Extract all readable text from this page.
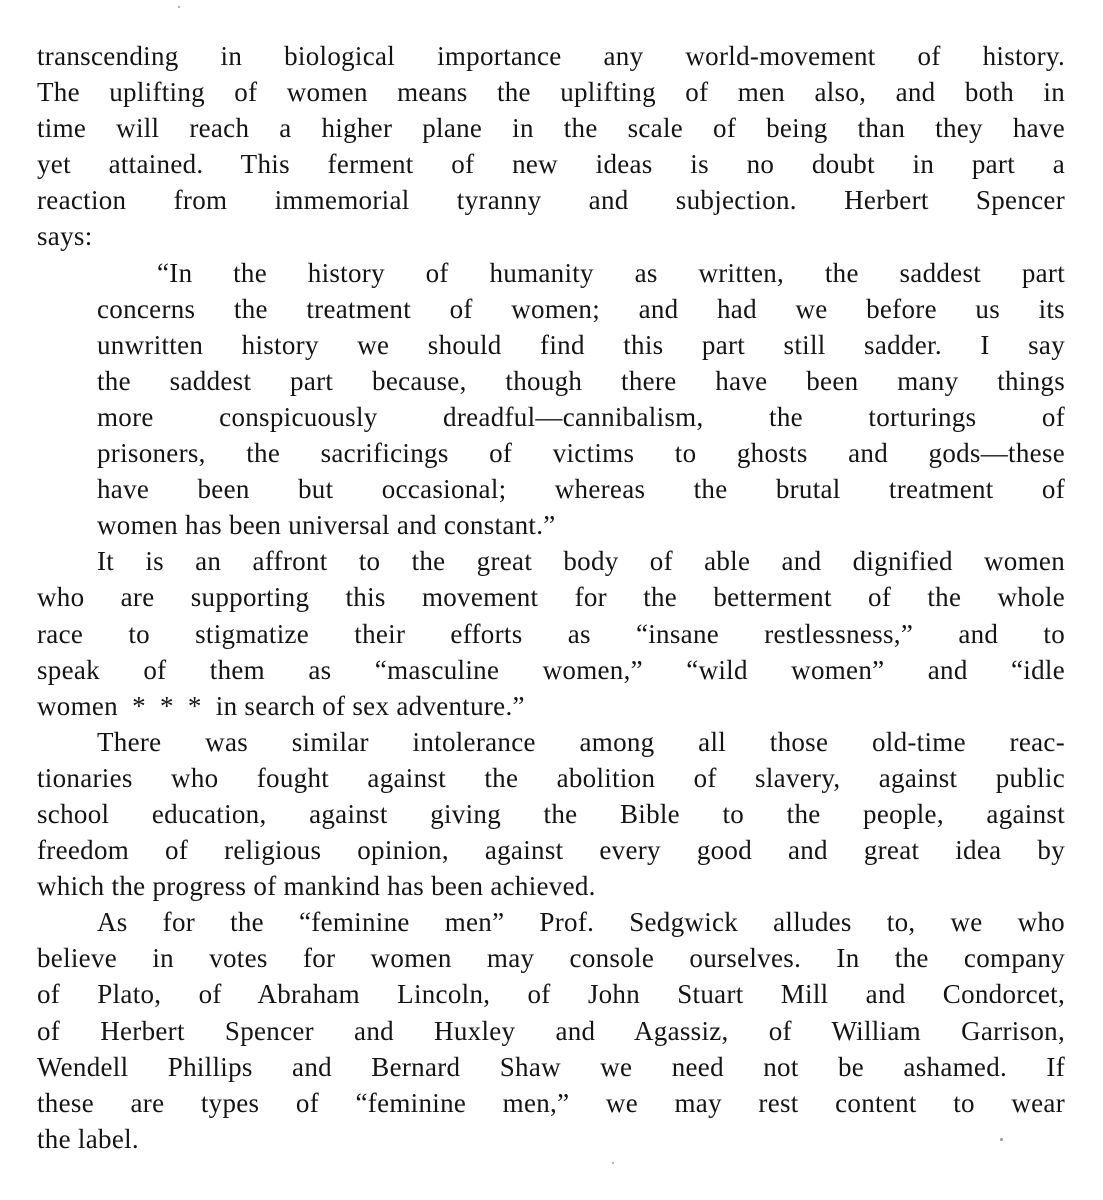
transcending in biological importance any world-movement of history.
The uplifting of women means the uplifting of men also, and both in
time will reach a higher plane in the scale of being than they have
yet attained. This ferment of new ideas is no doubt in part a
reaction from immemorial tyranny and subjection. Herbert Spencer
says:
“In the history of humanity as written, the saddest part
concerns the treatment of women; and had we before us its
unwritten history we should find this part still sadder. I say
the saddest part because, though there have been many things
more conspicuously dreadful—cannibalism, the torturings of
prisoners, the sacrificings of victims to ghosts and gods—these
have been but occasional; whereas the brutal treatment of
women has been universal and constant.”
It is an affront to the great body of able and dignified women
who are supporting this movement for the betterment of the whole
race to stigmatize their efforts as “insane restlessness,” and to
speak of them as “masculine women,” “wild women” and “idle
women  *  *  *  in search of sex adventure.”
There was similar intolerance among all those old-time reac-
tionaries who fought against the abolition of slavery, against public
school education, against giving the Bible to the people, against
freedom of religious opinion, against every good and great idea by
which the progress of mankind has been achieved.
As for the “feminine men” Prof. Sedgwick alludes to, we who
believe in votes for women may console ourselves. In the company
of Plato, of Abraham Lincoln, of John Stuart Mill and Condorcet,
of Herbert Spencer and Huxley and Agassiz, of William Garrison,
Wendell Phillips and Bernard Shaw we need not be ashamed. If
these are types of “feminine men,” we may rest content to wear
the label.
